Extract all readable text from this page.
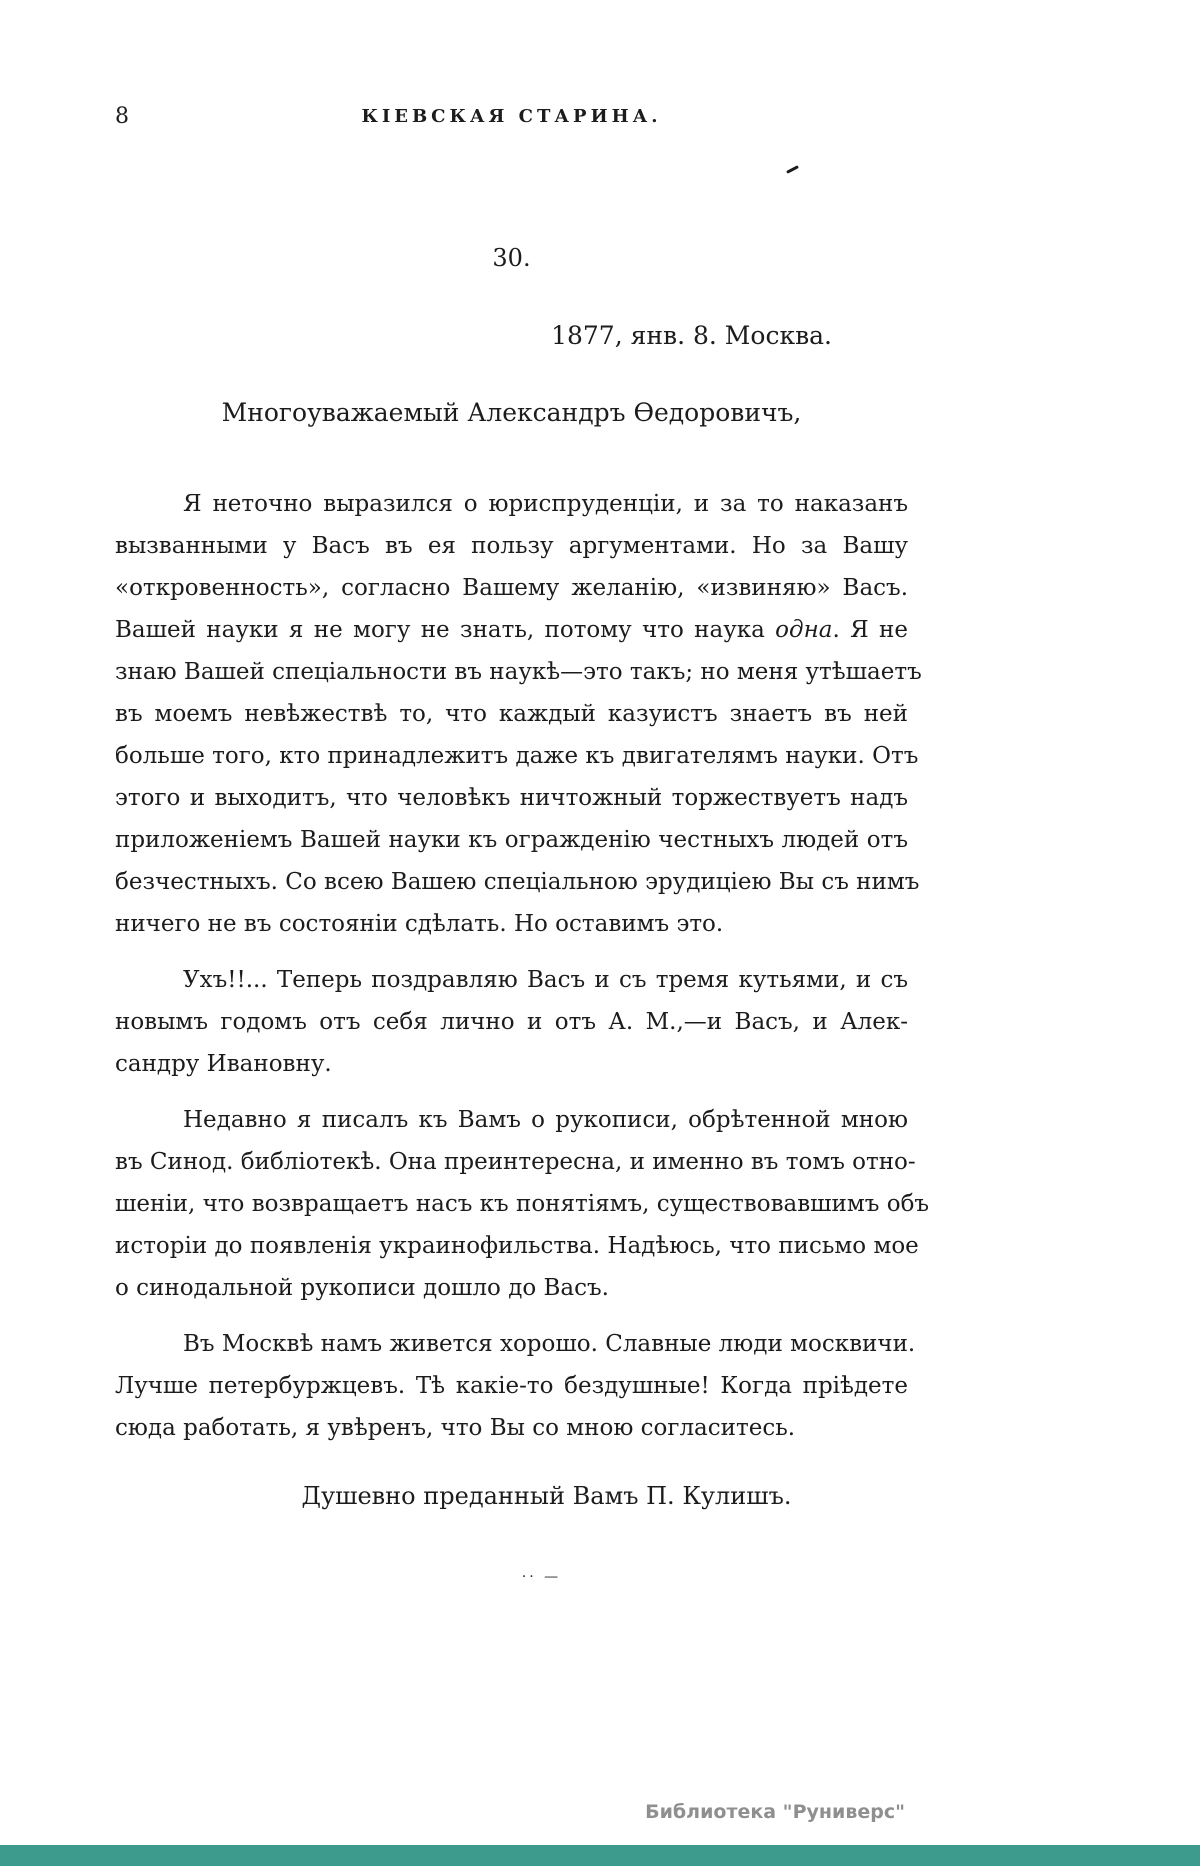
8	КІЕВСКАЯ СТАРИНА.
30.
1877, янв. 8. Москва.
Многоуважаемый Александръ Ѳедоровичъ,
Я неточно выразился о юриспруденціи, и за то наказанъ
вызванными у Васъ въ ея пользу аргументами. Но за Вашу
«откровенность», согласно Вашему желанію, «извиняю» Васъ.
Вашей науки я не могу не знать, потому что наука одна. Я не
знаю Вашей спеціальности въ наукѣ—это такъ; но меня утѣшаетъ
въ моемъ невѣжествѣ то, что каждый казуистъ знаетъ въ ней
больше того, кто принадлежитъ даже къ двигателямъ науки. Отъ
этого и выходитъ, что человѣкъ ничтожный торжествуетъ надъ
приложеніемъ Вашей науки къ огражденію честныхъ людей отъ
безчестныхъ. Со всею Вашею спеціальною эрудиціею Вы съ нимъ
ничего не въ состояніи сдѣлать. Но оставимъ это.
Ухъ!!... Теперь поздравляю Васъ и съ тремя кутьями, и съ
новымъ годомъ отъ себя лично и отъ А. М.,—и Васъ, и Алек-
сандру Ивановну.
Недавно я писалъ къ Вамъ о рукописи, обрѣтенной мною
въ Синод. библіотекѣ. Она преинтересна, и именно въ томъ отно-
шеніи, что возвращаетъ насъ къ понятіямъ, существовавшимъ объ
исторіи до появленія украинофильства. Надѣюсь, что письмо мое
о синодальной рукописи дошло до Васъ.
Въ Москвѣ намъ живется хорошо. Славные люди москвичи.
Лучше петербуржцевъ. Тѣ какіе-то бездушные! Когда пріѣдете
сюда работать, я увѣренъ, что Вы со мною согласитесь.
Душевно преданный Вамъ П. Кулишъ.
·· —
Библиотека "Руниверс"
